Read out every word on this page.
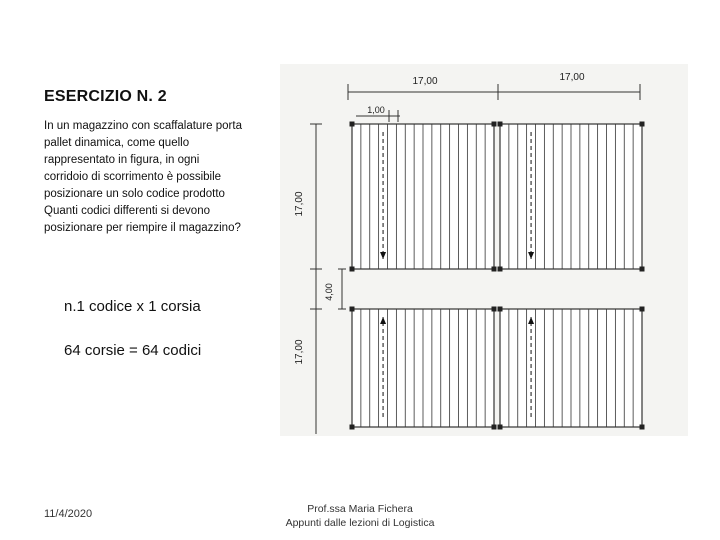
ESERCIZIO N. 2
In un magazzino con scaffalature porta
pallet dinamica, come quello
rappresentato in figura, in ogni
corridoio di scorrimento è possibile
posizionare un solo codice prodotto
Quanti codici differenti si devono
posizionare per riempire il magazzino?
n.1 codice x 1 corsia
64 corsie = 64 codici
17,00	17,00
1,00
17,00
17,00
4,00
11/4/2020	Prof.ssa Maria Fichera
Appunti dalle lezioni di Logistica
